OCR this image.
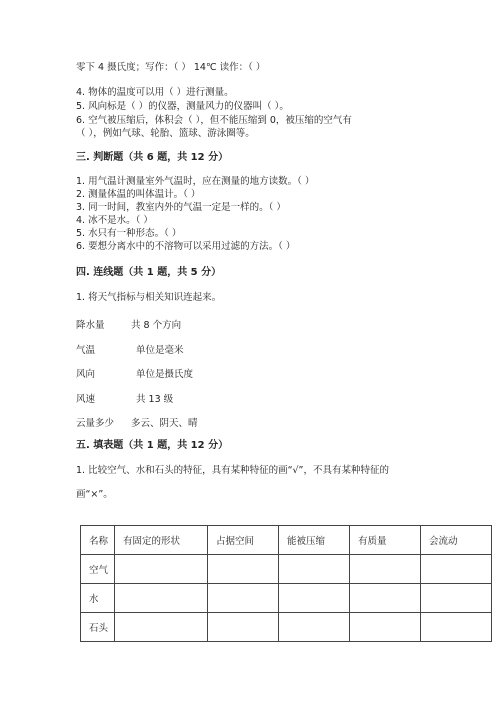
零下 4 摄氏度；写作：（ ） 14℃ 读作：（ ）
4. 物体的温度可以用（ ）进行测量。
5. 风向标是（ ）的仪器，测量风力的仪器叫（ ）。
6. 空气被压缩后，体积会（ ），但不能压缩到 0，被压缩的空气有
（ ），例如气球、轮胎、篮球、游泳圈等。
三. 判断题（共 6 题，共 12 分）
1. 用气温计测量室外气温时，应在测量的地方读数。（ ）
2. 测量体温的叫体温计。（ ）
3. 同一时间，教室内外的气温一定是一样的。（ ）
4. 冰不是水。（ ）
5. 水只有一种形态。（ ）
6. 要想分离水中的不溶物可以采用过滤的方法。（ ）
四. 连线题（共 1 题，共 5 分）
1. 将天气指标与相关知识连起来。
降水量	共 8 个方向
气温	单位是毫米
风向	单位是摄氏度
风速	共 13 级
云量多少 多云、阴天、晴
五. 填表题（共 1 题，共 12 分）
1. 比较空气、水和石头的特征，具有某种特征的画“√”，不具有某种特征的
画“×”。
名称	有固定的形状	占据空间	能被压缩	有质量	会流动
空气					
水					
石头					
